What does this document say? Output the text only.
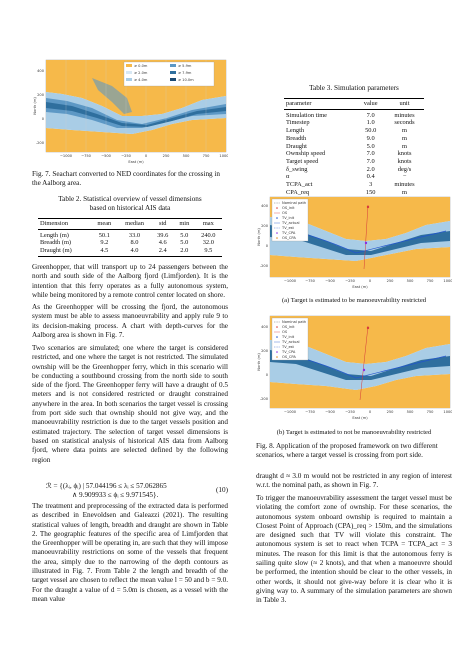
≥ 0.0m
≥ 2.0m
≥ 4.0m
≥ 5.9m
≥ 7.9m
≥ 10.0m
400
200
0
-200
−1000 −750	−500	−250	0	250	500	750	1000
East (m)
North (m)
Fig. 7. Seachart converted to NED coordinates for the crossing in the Aalborg area.
Table 2. Statistical overview of vessel dimensions
based on historical AIS data
Dimension	mean	median	std	min	max
Length (m)	50.1	33.0	39.6	5.0	240.0
Breadth (m)	9.2	8.0	4.6	5.0	32.0
Draught (m)	4.5	4.0	2.4	2.0	9.5
Greenhopper, that will transport up to 24 passengers between the north and south side of the Aalborg fjord (Limfjorden). It is the intention that this ferry operates as a fully autonomous system, while being monitored by a remote control center located on shore.
As the Greenhopper will be crossing the fjord, the autonomous system must be able to assess manoeuvrability and apply rule 9 to its decision-making process. A chart with depth-curves for the Aalborg area is shown in Fig. 7.
Two scenarios are simulated; one where the target is considered restricted, and one where the target is not restricted. The simulated ownship will be the Greenhopper ferry, which in this scenario will be conducting a southbound crossing from the north side to south side of the fjord. The Greenhopper ferry will have a draught of 0.5 meters and is not considered restricted or draught constrained anywhere in the area. In both scenarios the target vessel is crossing from port side such that ownship should not give way, and the manoeuvrability restriction is due to the target vessels position and estimated trajectory. The selection of target vessel dimensions is based on statistical analysis of historical AIS data from Aalborg fjord, where data points are selected defined by the following region
ℛ = {(λᵢ, ϕᵢ) | 57.044196 ≤ λᵢ ≤ 57.062865
∧ 9.909933 ≤ ϕᵢ ≤ 9.971545}.
(10)
The treatment and preprocessing of the extracted data is performed as described in Enevoldsen and Galeazzi (2021). The resulting statistical values of length, breadth and draught are shown in Table 2. The geographic features of the specific area of Limfjorden that the Greenhopper will be operating in, are such that they will impose manoeuvrability restrictions on some of the vessels that frequent the area, simply due to the narrowing of the depth contours as illustrated in Fig. 7. From Table 2 the length and breadth of the target vessel are chosen to reflect the mean value l = 50 and b = 9.0. For the draught a value of d = 5.0m is chosen, as a vessel with the mean value
Table 3. Simulation parameters
parameter	value	unit
Simulation time	7.0	minutes
Timestep	1.0	seconds
Length	50.0	m
Breadth	9.0	m
Draught	5.0	m
Ownship speed	7.0	knots
Target speed	7.0	knots
δ_swing	2.0	deg/s
α	0.4	−
TCPA_act	3	minutes
CPA_req	150	m
Nominal path
OS_init
OS
TV_init
TV_actual
TV_est
TV_CPA
OS_CPA
400
200
0
-200
−1000 −750	−500	−250	0	250	500	750	1000
East (m)
North (m)
(a) Target is estimated to be manoeuvrability restricted
Nominal path
OS_init
OS
TV_init
TV_actual
TV_est
TV_CPA
OS_CPA
400
200
0
-200
−1000 −750	−500	−250	0	250	500	750	1000
East (m)
North (m)
(b) Target is estimated to not be manoeuvrability restricted
Fig. 8. Application of the proposed framework on two different scenarios, where a target vessel is crossing from port side.
draught d ≈ 3.0 m would not be restricted in any region of interest w.r.t. the nominal path, as shown in Fig. 7.
To trigger the manoeuvrability assessment the target vessel must be violating the comfort zone of ownship. For these scenarios, the autonomous system onboard ownship is required to maintain a Closest Point of Approach (CPA)_req > 150m, and the simulations are designed such that TV will violate this constraint. The autonomous system is set to react when TCPA = TCPA_act = 3 minutes. The reason for this limit is that the autonomous ferry is sailing quite slow (≈ 2 knots), and that when a manoeuvre should be performed, the intention should be clear to the other vessels, in other words, it should not give-way before it is clear who it is giving way to. A summary of the simulation parameters are shown in Table 3.
